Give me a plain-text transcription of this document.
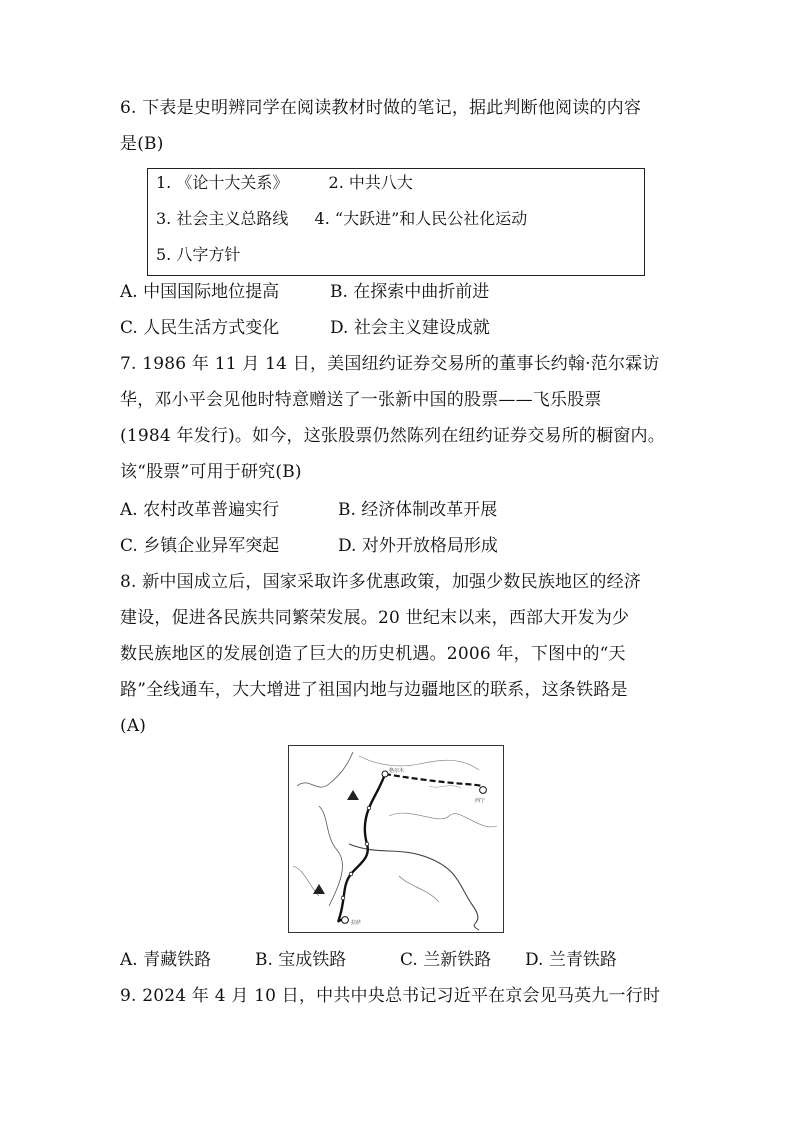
6. 下表是史明辨同学在阅读教材时做的笔记，据此判断他阅读的内容
是(B)
1. 《论十大关系》	2. 中共八大
3. 社会主义总路线 4. “大跃进”和人民公社化运动
5. 八字方针
A. 中国国际地位提高	B. 在探索中曲折前进
C. 人民生活方式变化	D. 社会主义建设成就
7. 1986 年 11 月 14 日，美国纽约证券交易所的董事长约翰·范尔霖访
华，邓小平会见他时特意赠送了一张新中国的股票——飞乐股票
(1984 年发行)。如今，这张股票仍然陈列在纽约证券交易所的橱窗内。
该“股票”可用于研究(B)
A. 农村改革普遍实行	B. 经济体制改革开展
C. 乡镇企业异军突起	D. 对外开放格局形成
8. 新中国成立后，国家采取许多优惠政策，加强少数民族地区的经济
建设，促进各民族共同繁荣发展。20 世纪末以来，西部大开发为少
数民族地区的发展创造了巨大的历史机遇。2006 年，下图中的“天
路”全线通车，大大增进了祖国内地与边疆地区的联系，这条铁路是
(A)
格尔木
西宁
拉萨
A. 青藏铁路	B. 宝成铁路	C. 兰新铁路 D. 兰青铁路
9. 2024 年 4 月 10 日，中共中央总书记习近平在京会见马英九一行时
